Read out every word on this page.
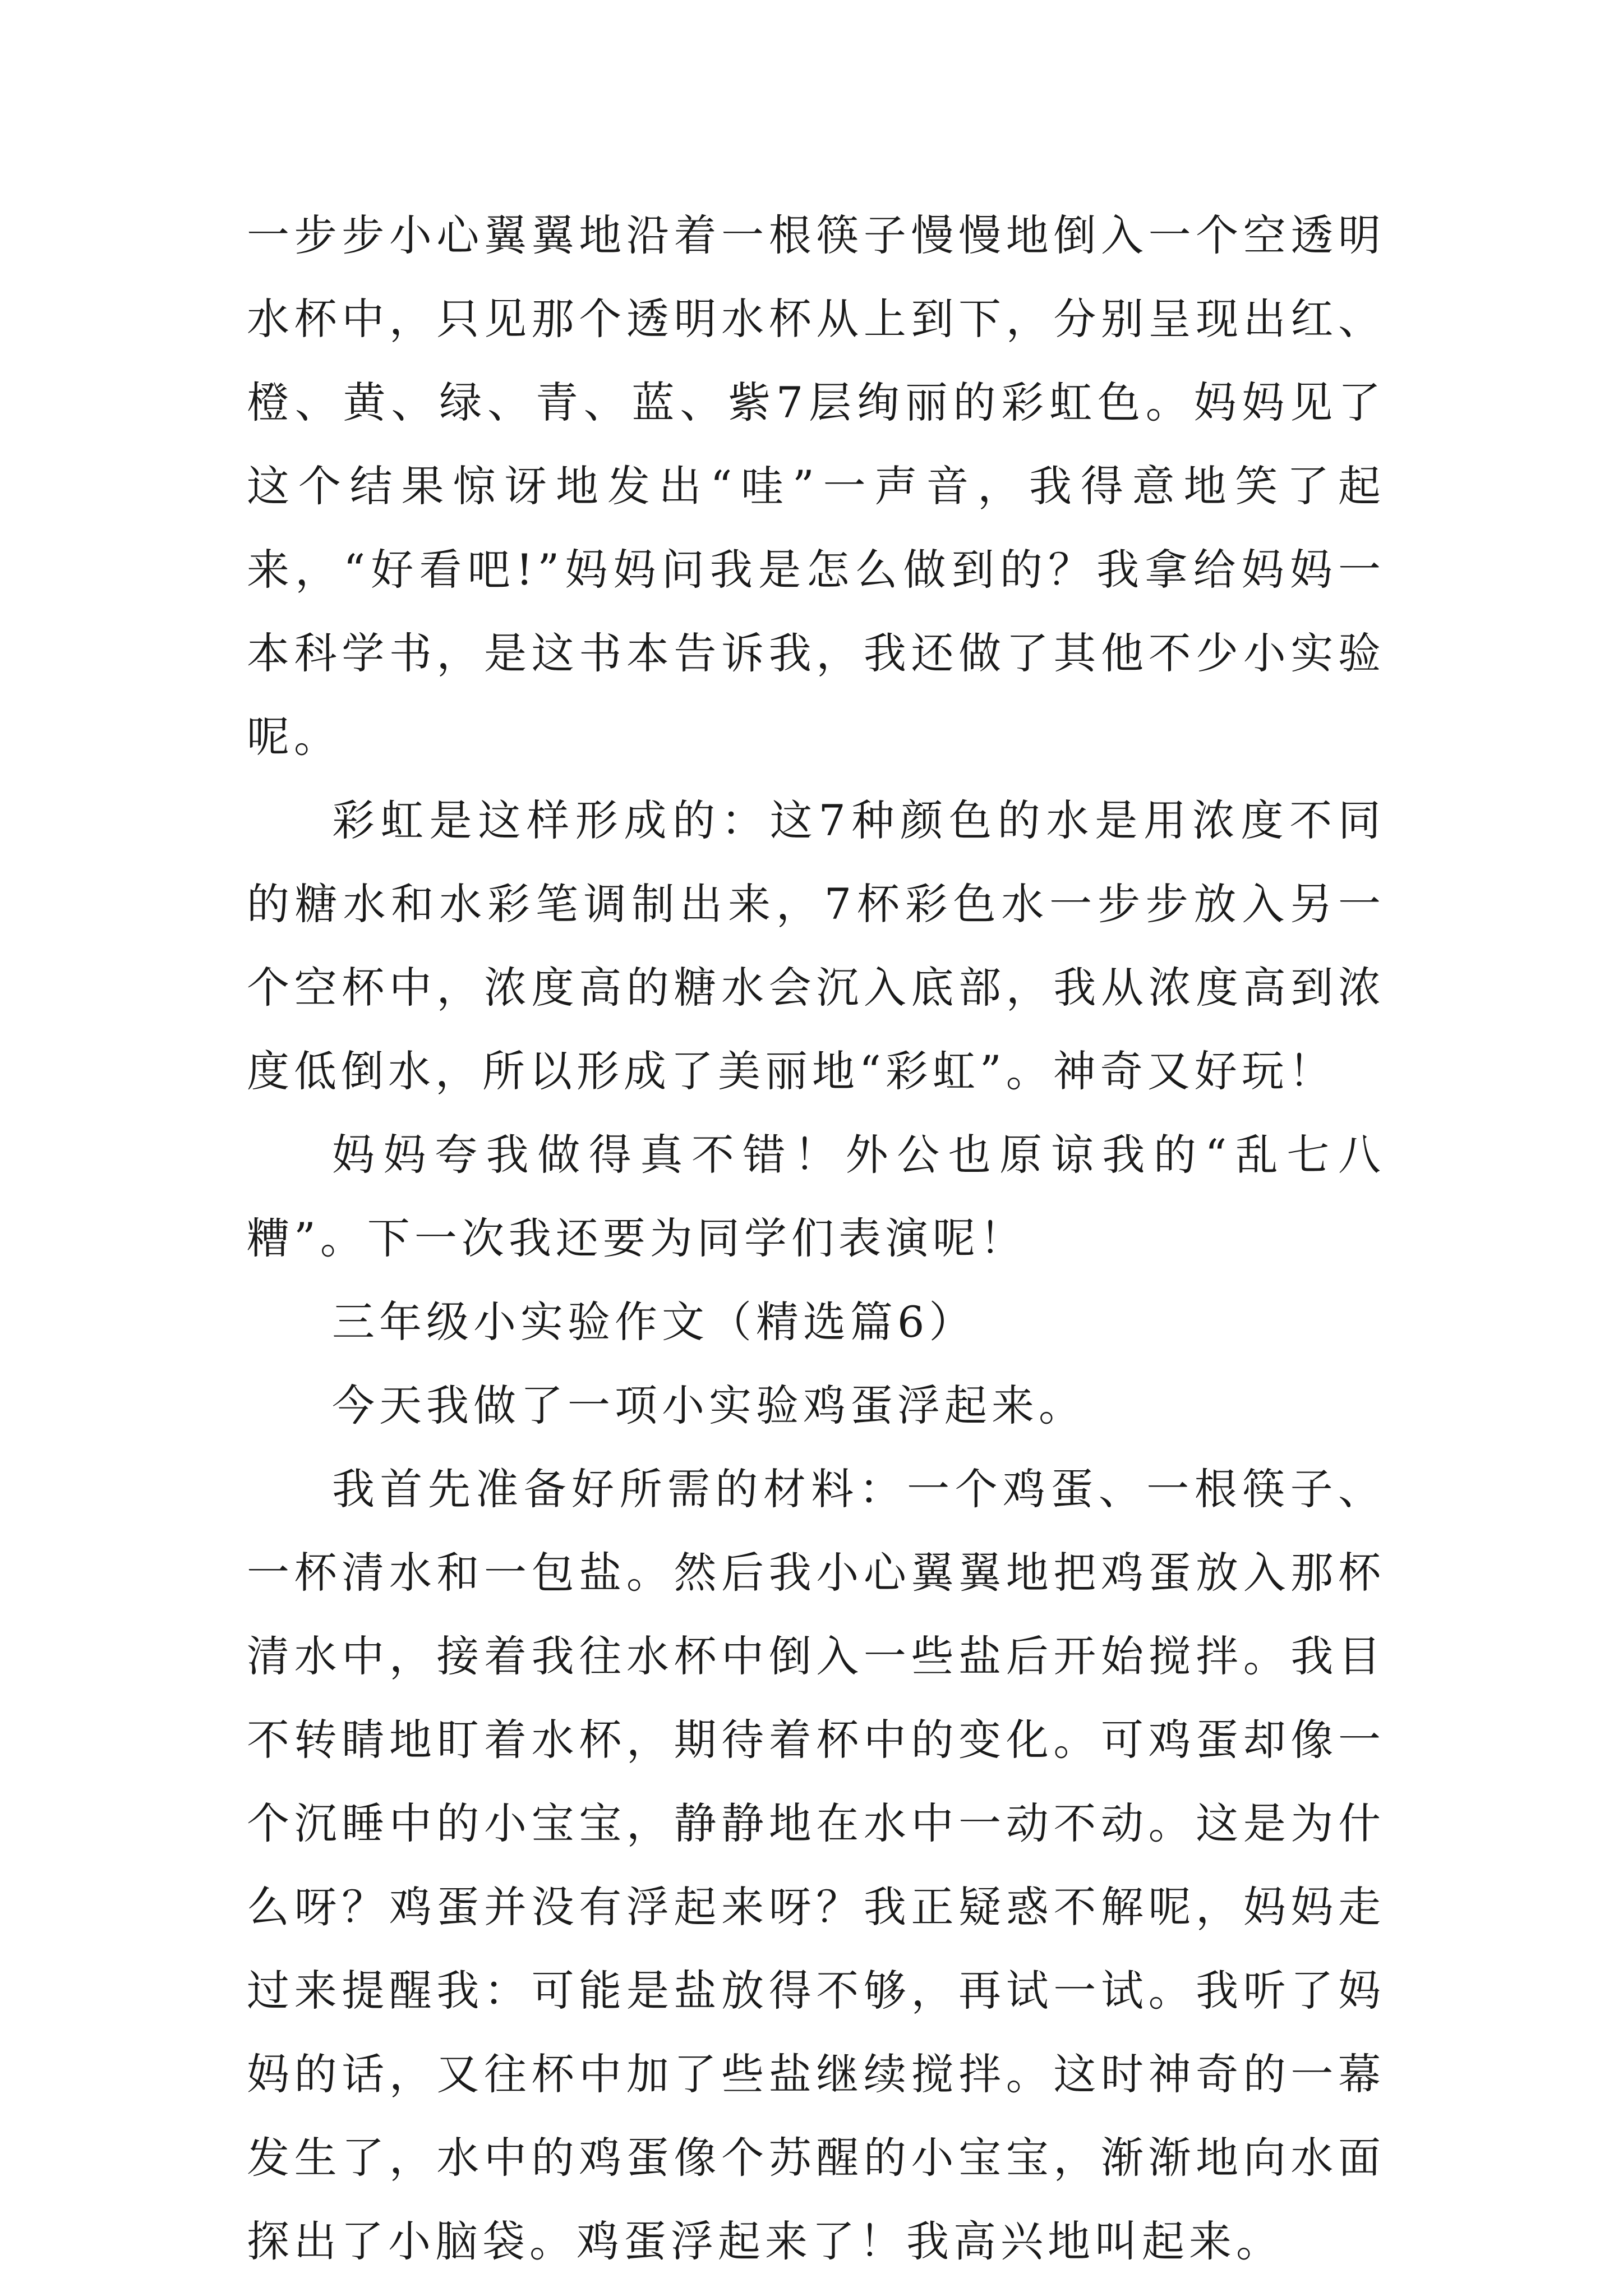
一步步小心翼翼地沿着一根筷子慢慢地倒入一个空透明水杯中，只见那个透明水杯从上到下，分别呈现出红、橙、黄、绿、青、蓝、紫7层绚丽的彩虹色。妈妈见了这个结果惊讶地发出“哇”一声音，我得意地笑了起来，“好看吧!”妈妈问我是怎么做到的？我拿给妈妈一本科学书，是这书本告诉我，我还做了其他不少小实验呢。

彩虹是这样形成的：这7种颜色的水是用浓度不同的糖水和水彩笔调制出来，7杯彩色水一步步放入另一个空杯中，浓度高的糖水会沉入底部，我从浓度高到浓度低倒水，所以形成了美丽地“彩虹”。神奇又好玩！

妈妈夸我做得真不错！外公也原谅我的“乱七八糟”。下一次我还要为同学们表演呢！

三年级小实验作文（精选篇6）

今天我做了一项小实验鸡蛋浮起来。

我首先准备好所需的材料：一个鸡蛋、一根筷子、一杯清水和一包盐。然后我小心翼翼地把鸡蛋放入那杯清水中，接着我往水杯中倒入一些盐后开始搅拌。我目不转睛地盯着水杯，期待着杯中的变化。可鸡蛋却像一个沉睡中的小宝宝，静静地在水中一动不动。这是为什么呀？鸡蛋并没有浮起来呀？我正疑惑不解呢，妈妈走过来提醒我：可能是盐放得不够，再试一试。我听了妈妈的话，又往杯中加了些盐继续搅拌。这时神奇的一幕发生了，水中的鸡蛋像个苏醒的小宝宝，渐渐地向水面探出了小脑袋。鸡蛋浮起来了！我高兴地叫起来。
